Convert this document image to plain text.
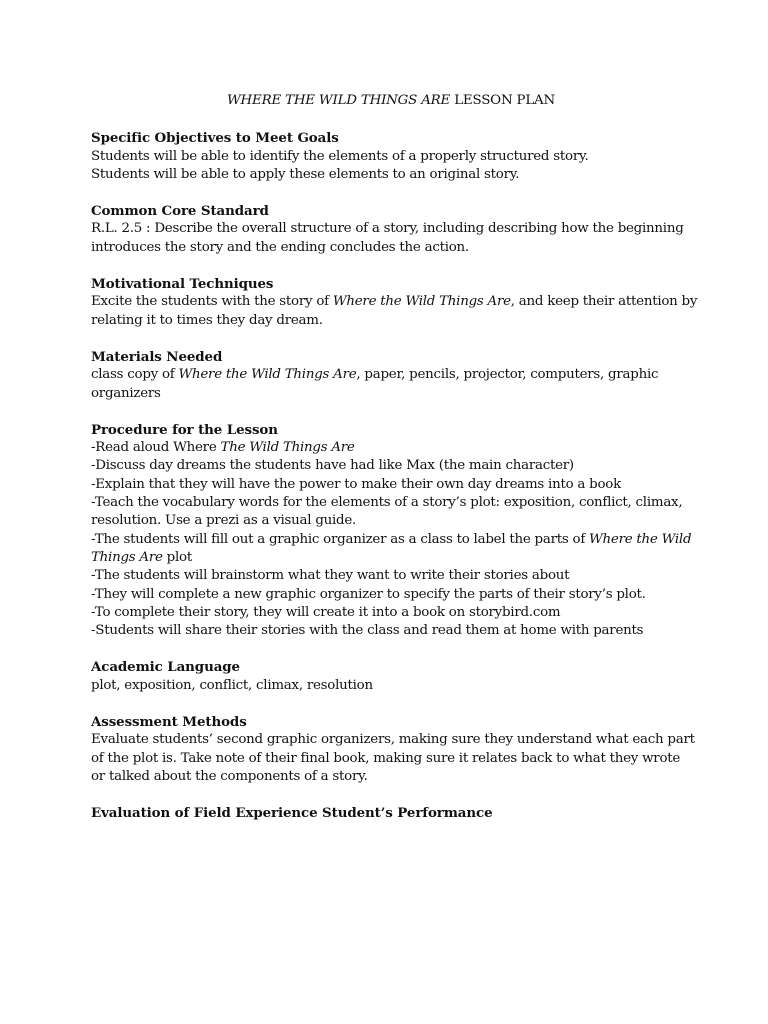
WHERE THE WILD THINGS ARE LESSON PLAN
Specific Objectives to Meet Goals
Students will be able to identify the elements of a properly structured story.
Students will be able to apply these elements to an original story.
Common Core Standard
R.L. 2.5 : Describe the overall structure of a story, including describing how the beginning
introduces the story and the ending concludes the action.
Motivational Techniques
Excite the students with the story of Where the Wild Things Are, and keep their attention by
relating it to times they day dream.
Materials Needed
class copy of Where the Wild Things Are, paper, pencils, projector, computers, graphic
organizers
Procedure for the Lesson
-Read aloud Where The Wild Things Are
-Discuss day dreams the students have had like Max (the main character)
-Explain that they will have the power to make their own day dreams into a book
-Teach the vocabulary words for the elements of a story’s plot: exposition, conflict, climax,
resolution. Use a prezi as a visual guide.
-The students will fill out a graphic organizer as a class to label the parts of Where the Wild
Things Are plot
-The students will brainstorm what they want to write their stories about
-They will complete a new graphic organizer to specify the parts of their story’s plot.
-To complete their story, they will create it into a book on storybird.com
-Students will share their stories with the class and read them at home with parents
Academic Language
plot, exposition, conflict, climax, resolution
Assessment Methods
Evaluate students’ second graphic organizers, making sure they understand what each part
of the plot is. Take note of their final book, making sure it relates back to what they wrote
or talked about the components of a story.
Evaluation of Field Experience Student’s Performance
